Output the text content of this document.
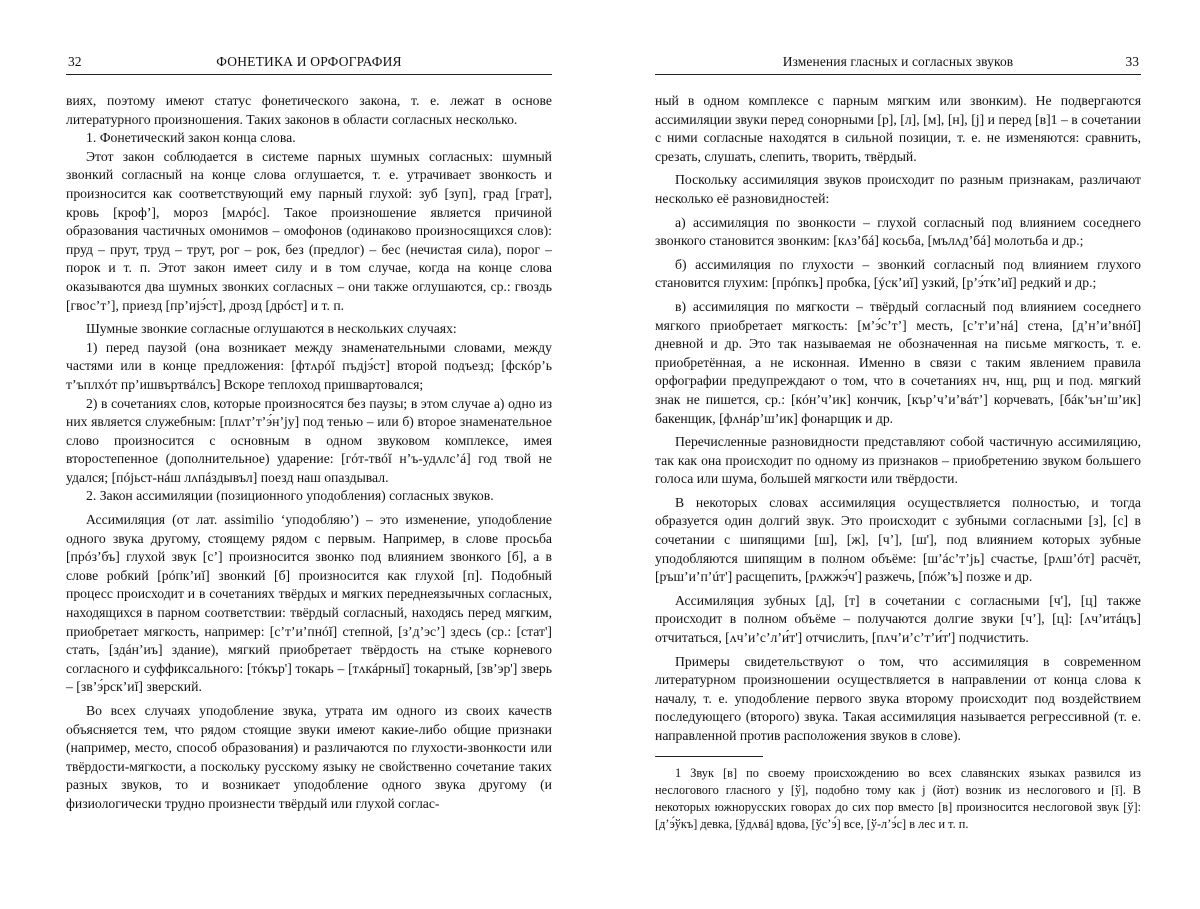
32	ФОНЕТИКА И ОРФОГРАФИЯ

виях, поэтому имеют статус фонетического закона, т. е. лежат в основе литературного произношения. Таких законов в области согласных несколько.

1. Фонетический закон конца слова.

Этот закон соблюдается в системе парных шумных согласных: шумный звонкий согласный на конце слова оглушается, т. е. утрачивает звонкость и произносится как соответствующий ему парный глухой: зуб [зуп], град [грат], кровь [крофʼ], мороз [мʌрóс]. Такое произношение является причиной образования частичных омонимов – омофонов (одинаково произносящихся слов): пруд – прут, труд – трут, рог – рок, без (предлог) – бес (нечистая сила), порог – порок и т. п. Этот закон имеет силу и в том случае, когда на конце слова оказываются два шумных звонких согласных – они также оглушаются, ср.: гвоздь [гвосʼтʼ], приезд [прʼијэ́ст], дрозд [дрóст] и т. п.

Шумные звонкие согласные оглушаются в нескольких случаях:

1) перед паузой (она возникает между знаменательными словами, между частями или в конце предложения: [фтʌрóĭ пъдјэ́ст] второй подъезд; [фскóрʼь тʼъплхóт прʼишвъртвáлсъ] Вскоре теплоход пришвартовался;

2) в сочетаниях слов, которые произносятся без паузы; в этом случае а) одно из них является служебным: [плʌтʼтʼэ́нʼју] под тенью – или б) второе знаменательное слово произносится с основным в одном звуковом комплексе, имея второстепенное (дополнительное) ударение: [гóт-твóĭ нʼъ-удʌлсʼá] год твой не удался; [пóјьст-нáш лʌпáздывъл] поезд наш опаздывал.

2. Закон ассимиляции (позиционного уподобления) согласных звуков.

Ассимиляция (от лат. assimilio ‘уподобляю’) – это изменение, уподобление одного звука другому, стоящему рядом с первым. Например, в слове просьба [прóзʼбъ] глухой звук [сʼ] произносится звонко под влиянием звонкого [б], а в слове робкий [рóпкʼиĭ] звонкий [б] произносится как глухой [п]. Подобный процесс происходит и в сочетаниях твёрдых и мягких переднеязычных согласных, находящихся в парном соответствии: твёрдый согласный, находясь перед мягким, приобретает мягкость, например: [сʼтʼиʼпнóĭ] степной, [зʼдʼэсʼ] здесь (ср.: [стат'] стать, [здáнʼиъ] здание), мягкий приобретает твёрдость на стыке корневого согласного и суффиксального: [тóкър'] токарь – [тʌкáрныĭ] токарный, [звʼэр'] зверь – [звʼэ́рскʼиĭ] зверский.

Во всех случаях уподобление звука, утрата им одного из своих качеств объясняется тем, что рядом стоящие звуки имеют какие-либо общие признаки (например, место, способ образования) и различаются по глухости-звонкости или твёрдости-мягкости, а поскольку русскому языку не свойственно сочетание таких разных звуков, то и возникает уподобление одного звука другому (и физиологически трудно произнести твёрдый или глухой соглас-

Изменения гласных и согласных звуков	33

ный в одном комплексе с парным мягким или звонким). Не подвергаются ассимиляции звуки перед сонорными [р], [л], [м], [н], [j] и перед [в]1 – в сочетании с ними согласные находятся в сильной позиции, т. е. не изменяются: сравнить, срезать, слушать, слепить, творить, твёрдый.

Поскольку ассимиляция звуков происходит по разным признакам, различают несколько её разновидностей:

а) ассимиляция по звонкости – глухой согласный под влиянием соседнего звонкого становится звонким: [кʌзʼбá] косьба, [мълʌдʼбá] молотьба и др.;

б) ассимиляция по глухости – звонкий согласный под влиянием глухого становится глухим: [прóпкъ] пробка, [ýскʼиĭ] узкий, [рʼэ́ткʼиĭ] редкий и др.;

в) ассимиляция по мягкости – твёрдый согласный под влиянием соседнего мягкого приобретает мягкость: [мʼэ́сʼтʼ] месть, [сʼтʼиʼнá] стена, [дʼнʼиʼвнóĭ] дневной и др. Это так называемая не обозначенная на письме мягкость, т. е. приобретённая, а не исконная. Именно в связи с таким явлением правила орфографии предупреждают о том, что в сочетаниях нч, нщ, рщ и под. мягкий знак не пишется, ср.: [кóнʼчʼик] кончик, [кърʼчʼиʼвáтʼ] корчевать, [бáкʼънʼшʼик] бакенщик, [фʌнáрʼшʼик] фонарщик и др.

Перечисленные разновидности представляют собой частичную ассимиляцию, так как она происходит по одному из признаков – приобретению звуком большего голоса или шума, большей мягкости или твёрдости.

В некоторых словах ассимиляция осуществляется полностью, и тогда образуется один долгий звук. Это происходит с зубными согласными [з], [с] в сочетании с шипящими [ш], [ж], [чʼ], [ш'], под влиянием которых зубные уподобляются шипящим в полном объёме: [шʼáсʼтʼjь] счастье, [рʌшʼóт] расчёт, [ръшʼиʼпʼúт'] расщепить, [рʌжжэ́ч'] разжечь, [пóжʼъ] позже и др.

Ассимиляция зубных [д], [т] в сочетании с согласными [ч'], [ц] также происходит в полном объёме – получаются долгие звуки [чʼ], [ц]: [ʌчʼитáцъ] отчитаться, [ʌчʼиʼсʼлʼи́т'] отчислить, [пʌчʼиʼсʼтʼи́т'] подчистить.

Примеры свидетельствуют о том, что ассимиляция в современном литературном произношении осуществляется в направлении от конца слова к началу, т. е. уподобление первого звука второму происходит под воздействием последующего (второго) звука. Такая ассимиляция называется регрессивной (т. е. направленной против расположения звуков в слове).

1 Звук [в] по своему происхождению во всех славянских языках развился из неслогового гласного у [ў], подобно тому как j (йот) возник из неслогового и [ĭ]. В некоторых южнорусских говорах до сих пор вместо [в] произносится неслоговой звук [ў]: [дʼэ́ўкъ] девка, [ўдʌвá] вдова, [ўсʼэ́] все, [ў-лʼэ́с] в лес и т. п.
